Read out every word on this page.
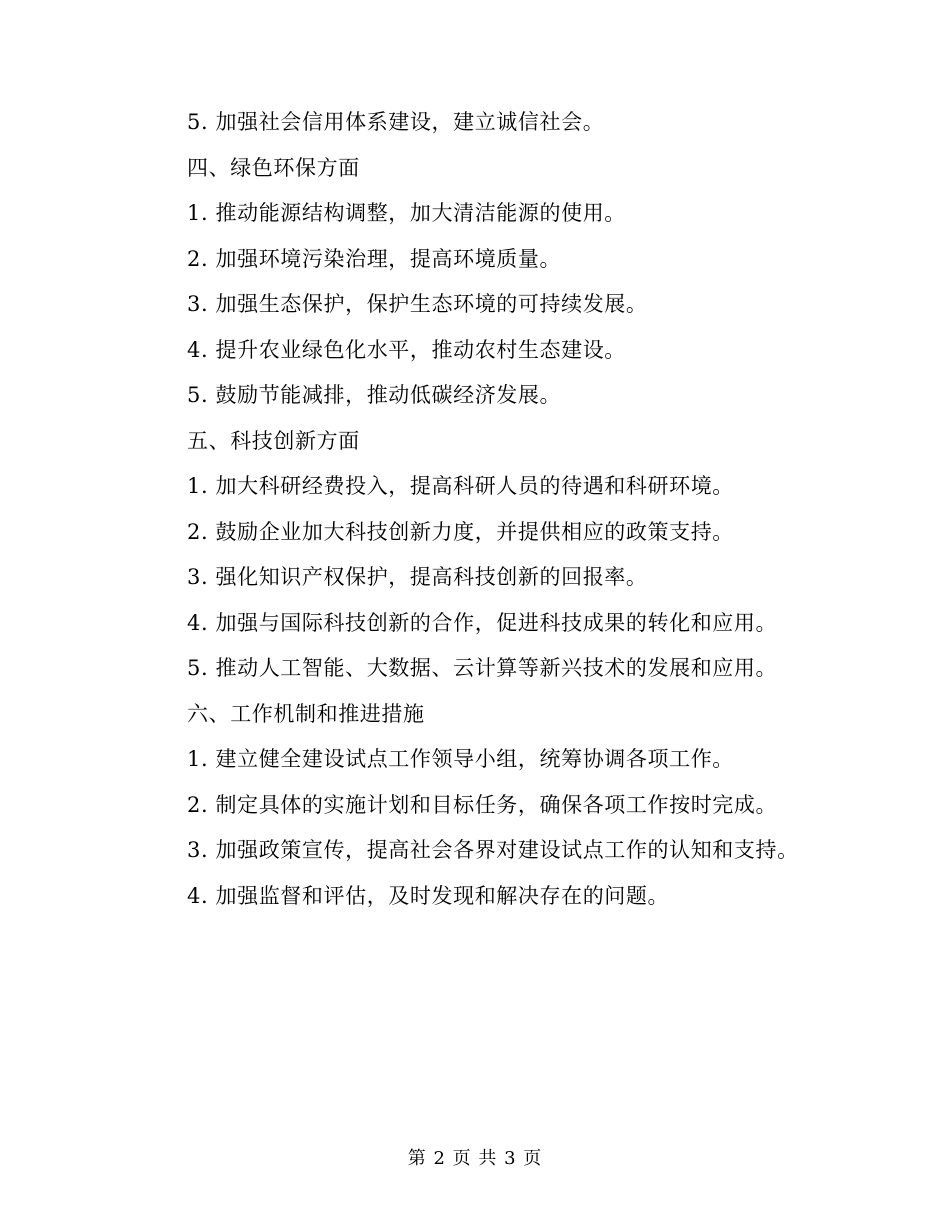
5. 加强社会信用体系建设，建立诚信社会。

四、绿色环保方面

1. 推动能源结构调整，加大清洁能源的使用。

2. 加强环境污染治理，提高环境质量。

3. 加强生态保护，保护生态环境的可持续发展。

4. 提升农业绿色化水平，推动农村生态建设。

5. 鼓励节能减排，推动低碳经济发展。

五、科技创新方面

1. 加大科研经费投入，提高科研人员的待遇和科研环境。

2. 鼓励企业加大科技创新力度，并提供相应的政策支持。

3. 强化知识产权保护，提高科技创新的回报率。

4. 加强与国际科技创新的合作，促进科技成果的转化和应用。

5. 推动人工智能、大数据、云计算等新兴技术的发展和应用。

六、工作机制和推进措施

1. 建立健全建设试点工作领导小组，统筹协调各项工作。

2. 制定具体的实施计划和目标任务，确保各项工作按时完成。

3. 加强政策宣传，提高社会各界对建设试点工作的认知和支持。

4. 加强监督和评估，及时发现和解决存在的问题。

第 2 页 共 3 页
